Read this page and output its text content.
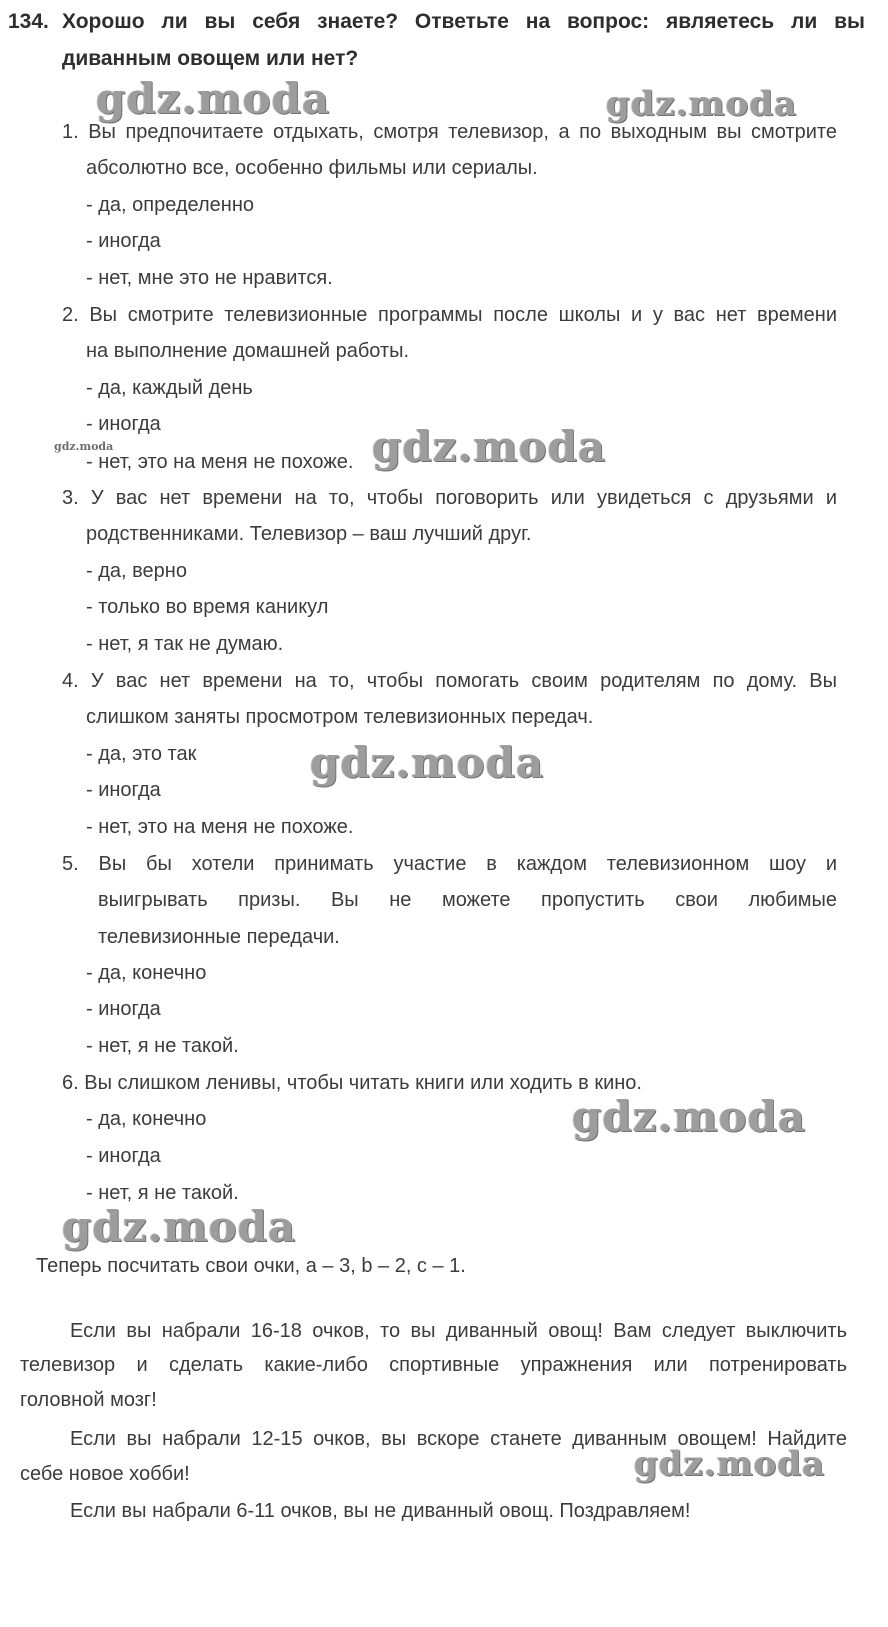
134. Хорошо ли вы себя знаете? Ответьте на вопрос: являетесь ли вы
диванным овощем или нет?
1. Вы предпочитаете отдыхать, смотря телевизор, а по выходным вы смотрите
абсолютно все, особенно фильмы или сериалы.
- да, определенно
- иногда
- нет, мне это не нравится.
2. Вы смотрите телевизионные программы после школы и у вас нет времени
на выполнение домашней работы.
- да, каждый день
- иногда
- нет, это на меня не похоже.
3. У вас нет времени на то, чтобы поговорить или увидеться с друзьями и
родственниками. Телевизор – ваш лучший друг.
- да, верно
- только во время каникул
- нет, я так не думаю.
4. У вас нет времени на то, чтобы помогать своим родителям по дому. Вы
слишком заняты просмотром телевизионных передач.
- да, это так
- иногда
- нет, это на меня не похоже.
5. Вы бы хотели принимать участие в каждом телевизионном шоу и
выигрывать призы. Вы не можете пропустить свои любимые
телевизионные передачи.
- да, конечно
- иногда
- нет, я не такой.
6. Вы слишком ленивы, чтобы читать книги или ходить в кино.
- да, конечно
- иногда
- нет, я не такой.
Теперь посчитать свои очки, a – 3, b – 2, c – 1.
Если вы набрали 16-18 очков, то вы диванный овощ! Вам следует выключить
телевизор и сделать какие-либо спортивные упражнения или потренировать
головной мозг!
Если вы набрали 12-15 очков, вы вскоре станете диванным овощем! Найдите
себе новое хобби!
Если вы набрали 6-11 очков, вы не диванный овощ. Поздравляем!
gdz.moda	gdz.moda
gdz.moda	gdz.moda
gdz.moda
gdz.moda
gdz.moda
gdz.moda
